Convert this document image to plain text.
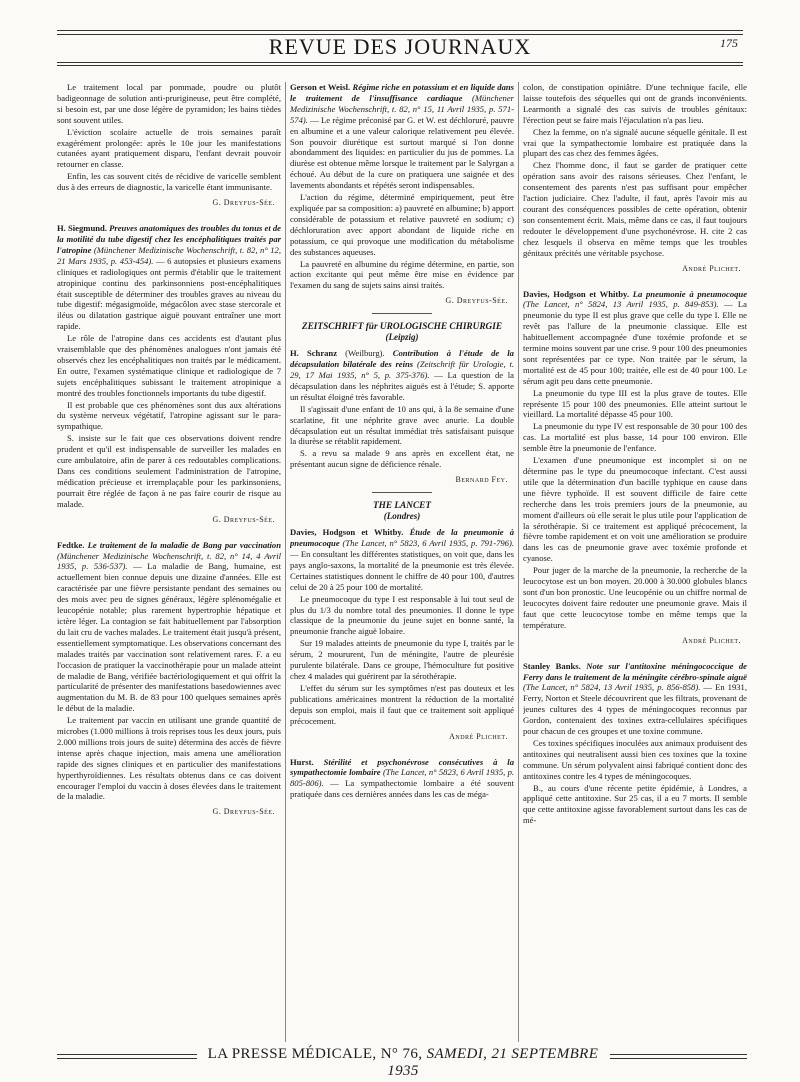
REVUE DES JOURNAUX	175

Le traitement local par pommade, poudre ou plutôt badigeonnage de solution anti-prurigineuse, peut être complété, si besoin est, par une dose légère de pyramidon; les bains tièdes sont souvent utiles.

L'éviction scolaire actuelle de trois semaines paraît exagérément prolongée: après le 10e jour les manifestations cutanées ayant pratiquement disparu, l'enfant devrait pouvoir retourner en classe.

Enfin, les cas souvent cités de récidive de varicelle semblent dus à des erreurs de diagnostic, la varicelle étant immunisante.

G. Dreyfus-Sée.

H. Siegmund. Preuves anatomiques des troubles du tonus et de la motilité du tube digestif chez les encéphalitiques traités par l'atropine (Münchener Medizinische Wochenschrift, t. 82, n° 12, 21 Mars 1935, p. 453-454). — 6 autopsies et plusieurs examens cliniques et radiologiques ont permis d'établir que le traitement atropinique continu des parkinsonniens post-encéphalitiques était susceptible de déterminer des troubles graves au niveau du tube digestif: mégasigmoïde, mégacôlon avec stase stercorale et iléus ou dilatation gastrique aiguë pouvant entraîner une mort rapide.

Le rôle de l'atropine dans ces accidents est d'autant plus vraisemblable que des phénomènes analogues n'ont jamais été observés chez les encéphalitiques non traités par le médicament. En outre, l'examen systématique clinique et radiologique de 7 sujets encéphalitiques subissant le traitement atropinique a montré des troubles fonctionnels importants du tube digestif.

Il est probable que ces phénomènes sont dus aux altérations du système nerveux végétatif, l'atropine agissant sur le para-sympathique.

S. insiste sur le fait que ces observations doivent rendre prudent et qu'il est indispensable de surveiller les malades en cure ambulatoire, afin de parer à ces redoutables complications. Dans ces conditions seulement l'administration de l'atropine, médication précieuse et irremplaçable pour les parkinsoniens, pourrait être réglée de façon à ne pas faire courir de risque au malade.

G. Dreyfus-Sée.

Fedtke. Le traitement de la maladie de Bang par vaccination (Münchener Medizinische Wochenschrift, t. 82, n° 14, 4 Avril 1935, p. 536-537). — La maladie de Bang, humaine, est actuellement bien connue depuis une dizaine d'années. Elle est caractérisée par une fièvre persistante pendant des semaines ou des mois avec peu de signes généraux, légère splénomégalie et leucopénie notable; plus rarement hypertrophie hépatique et ictère léger. La contagion se fait habituellement par l'absorption du lait cru de vaches malades. Le traitement était jusqu'à présent, essentiellement symptomatique. Les observations concernant des malades traités par vaccination sont relativement rares. F. a eu l'occasion de pratiquer la vaccinothérapie pour un malade atteint de maladie de Bang, vérifiée bactériologiquement et qui offrit la particularité de présenter des manifestations basedowiennes avec augmentation du M. B. de 83 pour 100 quelques semaines après le début de la maladie.

Le traitement par vaccin en utilisant une grande quantité de microbes (1.000 millions à trois reprises tous les deux jours, puis 2.000 millions trois jours de suite) détermina des accès de fièvre intense après chaque injection, mais amena une amélioration rapide des signes cliniques et en particulier des manifestations hyperthyroïdiennes. Les résultats obtenus dans ce cas doivent encourager l'emploi du vaccin à doses élevées dans le traitement de la maladie.

G. Dreyfus-Sée.

Gerson et Weisl. Régime riche en potassium et en liquide dans le traitement de l'insuffisance cardiaque (Münchener Medizinische Wochenschrift, t. 82, n° 15, 11 Avril 1935, p. 571-574). — Le régime préconisé par G. et W. est déchloruré, pauvre en albumine et a une valeur calorique relativement peu élevée. Son pouvoir diurétique est surtout marqué si l'on donne abondamment des liquides: en particulier du jus de pommes. La diurèse est obtenue même lorsque le traitement par le Salyrgan a échoué. Au début de la cure on pratiquera une saignée et des lavements abondants et répétés seront indispensables.

L'action du régime, déterminé empiriquement, peut être expliquée par sa composition: a) pauvreté en albumine; b) apport considérable de potassium et relative pauvreté en sodium; c) déchloruration avec apport abondant de liquide riche en potassium, ce qui provoque une modification du métabolisme des substances aqueuses.

La pauvreté en albumine du régime détermine, en partie, son action excitante qui peut même être mise en évidence par l'examen du sang de sujets sains ainsi traités.

G. Dreyfus-Sée.
ZEITSCHRIFT für UROLOGISCHE CHIRURGIE
(Leipzig)

H. Schranz (Weilburg). Contribution à l'étude de la décapsulation bilatérale des reins (Zeitschrift für Urologie, t. 29, 17 Mai 1935, n° 5, p. 375-376). — La question de la décapsulation dans les néphrites aiguës est à l'étude; S. apporte un résultat éloigné très favorable.

Il s'agissait d'une enfant de 10 ans qui, à la 8e semaine d'une scarlatine, fit une néphrite grave avec anurie. La double décapsulation eut un résultat immédiat très satisfaisant puisque la diurèse se rétablit rapidement.

S. a revu sa malade 9 ans après en excellent état, ne présentant aucun signe de déficience rénale.

Bernard Fey.
THE LANCET
(Londres)

Davies, Hodgson et Whitby. Étude de la pneumonie à pneumocoque (The Lancet, n° 5823, 6 Avril 1935, p. 791-796). — En consultant les différentes statistiques, on voit que, dans les pays anglo-saxons, la mortalité de la pneumonie est très élevée. Certaines statistiques donnent le chiffre de 40 pour 100, d'autres celui de 20 à 25 pour 100 de mortalité.

Le pneumocoque du type I est responsable à lui tout seul de plus du 1/3 du nombre total des pneumonies. Il donne le type classique de la pneumonie du jeune sujet en bonne santé, la pneumonie franche aiguë lobaire.

Sur 19 malades atteints de pneumonie du type I, traités par le sérum, 2 moururent, l'un de méningite, l'autre de pleurésie purulente bilatérale. Dans ce groupe, l'hémoculture fut positive chez 4 malades qui guérirent par la sérothérapie.

L'effet du sérum sur les symptômes n'est pas douteux et les publications américaines montrent la réduction de la mortalité depuis son emploi, mais il faut que ce traitement soit appliqué précocement.

André Plichet.

Hurst. Stérilité et psychonévrose consécutives à la sympathectomie lombaire (The Lancet, n° 5823, 6 Avril 1935, p. 805-806). — La sympathectomie lombaire a été souvent pratiquée dans ces dernières années dans les cas de méga-

colon, de constipation opiniâtre. D'une technique facile, elle laisse toutefois des séquelles qui ont de grands inconvénients. Learmonth a signalé des cas suivis de troubles génitaux: l'érection peut se faire mais l'éjaculation n'a pas lieu.

Chez la femme, on n'a signalé aucune séquelle génitale. Il est vrai que la sympathectomie lombaire est pratiquée dans la plupart des cas chez des femmes âgées.

Chez l'homme donc, il faut se garder de pratiquer cette opération sans avoir des raisons sérieuses. Chez l'enfant, le consentement des parents n'est pas suffisant pour empêcher l'action judiciaire. Chez l'adulte, il faut, après l'avoir mis au courant des conséquences possibles de cette opération, obtenir son consentement écrit. Mais, même dans ce cas, il faut toujours redouter le développement d'une psychonévrose. H. cite 2 cas chez lesquels il observa en même temps que les troubles génitaux précités une véritable psychose.

André Plichet.

Davies, Hodgson et Whitby. La pneumonie à pneumocoque (The Lancet, n° 5824, 13 Avril 1935, p. 849-853). — La pneumonie du type II est plus grave que celle du type I. Elle ne revêt pas l'allure de la pneumonie classique. Elle est habituellement accompagnée d'une toxémie profonde et se termine moins souvent par une crise. 9 pour 100 des pneumonies sont représentées par ce type. Non traitée par le sérum, la mortalité est de 45 pour 100; traitée, elle est de 40 pour 100. Le sérum agit peu dans cette pneumonie.

La pneumonie du type III est la plus grave de toutes. Elle représente 15 pour 100 des pneumonies. Elle atteint surtout le vieillard. La mortalité dépasse 45 pour 100.

La pneumonie du type IV est responsable de 30 pour 100 des cas. La mortalité est plus basse, 14 pour 100 environ. Elle semble être la pneumonie de l'enfance.

L'examen d'une pneumonique est incomplet si on ne détermine pas le type du pneumocoque infectant. C'est aussi utile que la détermination d'un bacille typhique en cause dans une fièvre typhoïde. Il est souvent difficile de faire cette recherche dans les trois premiers jours de la pneumonie, au moment d'ailleurs où elle serait le plus utile pour l'application de la sérothérapie. Si ce traitement est appliqué précocement, la fièvre tombe rapidement et on voit une amélioration se produire dans les cas de pneumonie grave avec toxémie profonde et cyanose.

Pour juger de la marche de la pneumonie, la recherche de la leucocytose est un bon moyen. 20.000 à 30.000 globules blancs sont d'un bon pronostic. Une leucopénie ou un chiffre normal de leucocytes doivent faire redouter une pneumonie grave. Mais il faut que cette leucocytose tombe en même temps que la température.

André Plichet.

Stanley Banks. Note sur l'antitoxine méningococcique de Ferry dans le traitement de la méningite cérébro-spinale aiguë (The Lancet, n° 5824, 13 Avril 1935, p. 856-858). — En 1931, Ferry, Norton et Steele découvrirent que les filtrats, provenant de jeunes cultures des 4 types de méningocoques reconnus par Gordon, contenaient des toxines extra-cellulaires spécifiques pour chacun de ces groupes et une toxine commune.

Ces toxines spécifiques inoculées aux animaux produisent des antitoxines qui neutralisent aussi bien ces toxines que la toxine commune. Un sérum polyvalent ainsi fabriqué contient donc des antitoxines contre les 4 types de méningocoques.

B., au cours d'une récente petite épidémie, à Londres, a appliqué cette antitoxine. Sur 25 cas, il a eu 7 morts. Il semble que cette antitoxine agisse favorablement surtout dans les cas de mé-

LA PRESSE MÉDICALE, N° 76, SAMEDI, 21 SEPTEMBRE 1935
